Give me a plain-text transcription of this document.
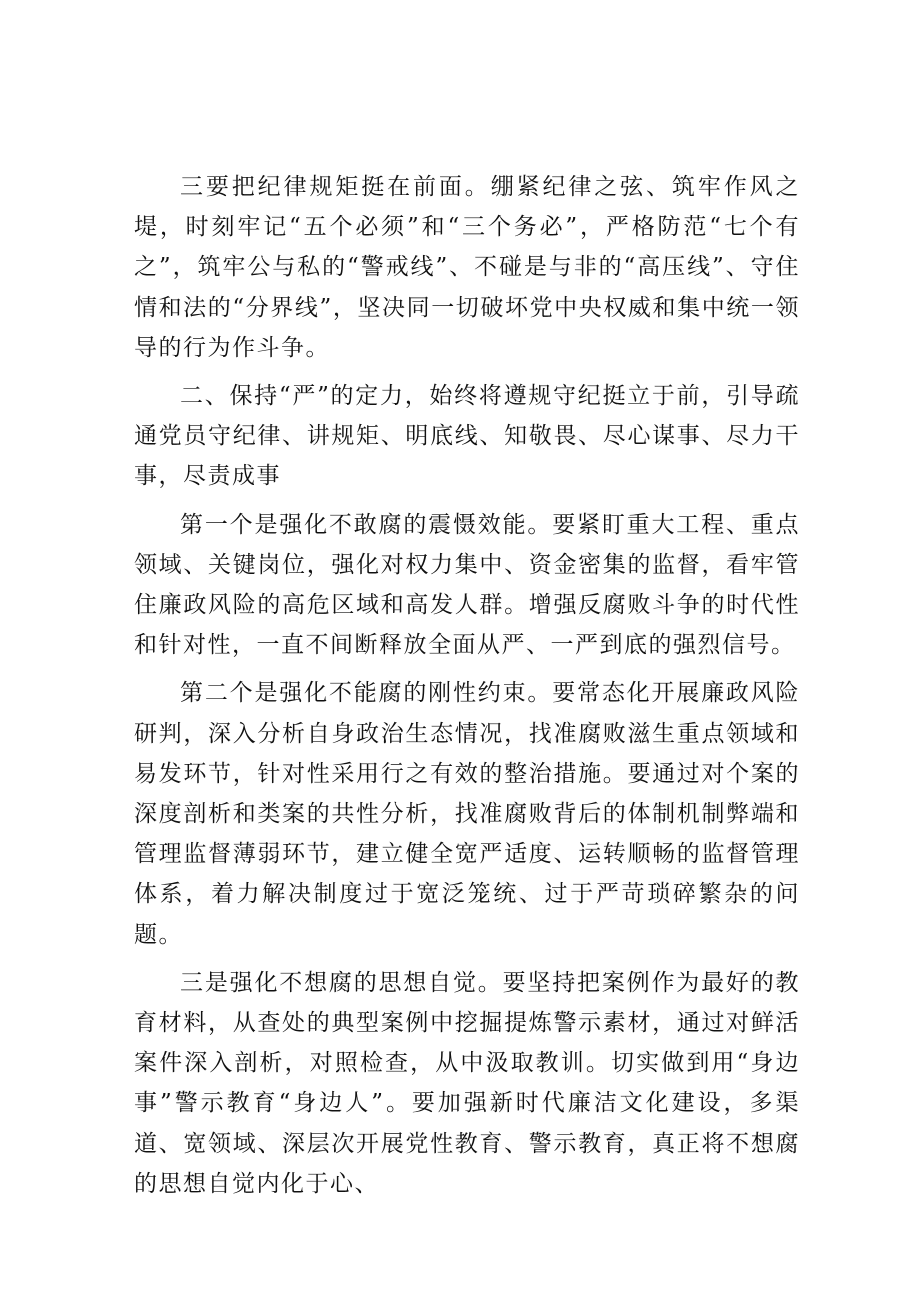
三要把纪律规矩挺在前面。绷紧纪律之弦、筑牢作风之堤，时刻牢记“五个必须”和“三个务必”，严格防范“七个有之”，筑牢公与私的“警戒线”、不碰是与非的“高压线”、守住情和法的“分界线”，坚决同一切破坏党中央权威和集中统一领导的行为作斗争。

二、保持“严”的定力，始终将遵规守纪挺立于前，引导疏通党员守纪律、讲规矩、明底线、知敬畏、尽心谋事、尽力干事，尽责成事

第一个是强化不敢腐的震慑效能。要紧盯重大工程、重点领域、关键岗位，强化对权力集中、资金密集的监督，看牢管住廉政风险的高危区域和高发人群。增强反腐败斗争的时代性和针对性，一直不间断释放全面从严、一严到底的强烈信号。

第二个是强化不能腐的刚性约束。要常态化开展廉政风险研判，深入分析自身政治生态情况，找准腐败滋生重点领域和易发环节，针对性采用行之有效的整治措施。要通过对个案的深度剖析和类案的共性分析，找准腐败背后的体制机制弊端和管理监督薄弱环节，建立健全宽严适度、运转顺畅的监督管理体系，着力解决制度过于宽泛笼统、过于严苛琐碎繁杂的问题。

三是强化不想腐的思想自觉。要坚持把案例作为最好的教育材料，从查处的典型案例中挖掘提炼警示素材，通过对鲜活案件深入剖析，对照检查，从中汲取教训。切实做到用“身边事”警示教育“身边人”。要加强新时代廉洁文化建设，多渠道、宽领域、深层次开展党性教育、警示教育，真正将不想腐的思想自觉内化于心、
